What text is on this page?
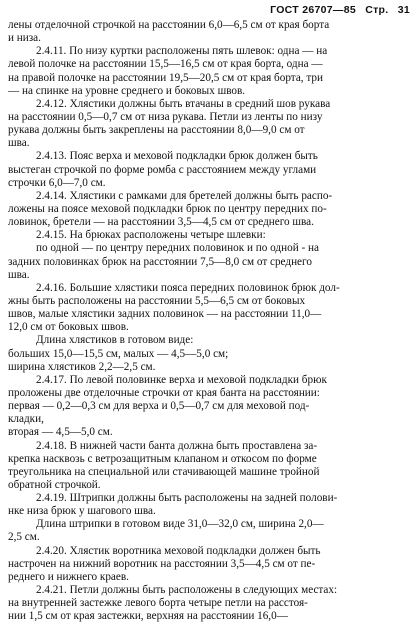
ГОСТ 26707—85 Стр. 31
лены отделочной строчкой на расстоянии 6,0—6,5 см от края борта
и низа.
2.4.11. По низу куртки расположены пять шлевок: одна — на
левой полочке на расстоянии 15,5—16,5 см от края борта, одна —
на правой полочке на расстоянии 19,5—20,5 см от края борта, три
— на спинке на уровне среднего и боковых швов.
2.4.12. Хлястики должны быть втачаны в средний шов рукава
на расстоянии 0,5—0,7 см от низа рукава. Петли из ленты по низу
рукава должны быть закреплены на расстоянии 8,0—9,0 см от
шва.
2.4.13. Пояс верха и меховой подкладки брюк должен быть
выстеган строчкой по форме ромба с расстоянием между углами
строчки 6,0—7,0 см.
2.4.14. Хлястики с рамками для бретелей должны быть распо-
ложены на поясе меховой подкладки брюк по центру передних по-
ловинок, бретели — на расстоянии 3,5—4,5 см от среднего шва.
2.4.15. На брюках расположены четыре шлевки:
по одной — по центру передних половинок и по одной - на
задних половинках брюк на расстоянии 7,5—8,0 см от среднего
шва.
2.4.16. Большие хлястики пояса передних половинок брюк дол-
жны быть расположены на расстоянии 5,5—6,5 см от боковых
швов, малые хлястики задних половинок — на расстоянии 11,0—
12,0 см от боковых швов.
Длина хлястиков в готовом виде:
больших 15,0—15,5 см, малых — 4,5—5,0 см;
ширина хлястиков 2,2—2,5 см.
2.4.17. По левой половинке верха и меховой подкладки брюк
проложены две отделочные строчки от края банта на расстоянии:
первая — 0,2—0,3 см для верха и 0,5—0,7 см для меховой под-
кладки,
вторая — 4,5—5,0 см.
2.4.18. В нижней части банта должна быть проставлена за-
крепка насквозь с ветрозащитным клапаном и откосом по форме
треугольника на специальной или стачивающей машине тройной
обратной строчкой.
2.4.19. Штрипки должны быть расположены на задней полови-
нке низа брюк у шагового шва.
Длина штрипки в готовом виде 31,0—32,0 см, ширина 2,0—
2,5 см.
2.4.20. Хлястик воротника меховой подкладки должен быть
настрочен на нижний воротник на расстоянии 3,5—4,5 см от пе-
реднего и нижнего краев.
2.4.21. Петли должны быть расположены в следующих местах:
на внутренней застежке левого борта четыре петли на расстоя-
нии 1,5 см от края застежки, верхняя на расстоянии 16,0—
